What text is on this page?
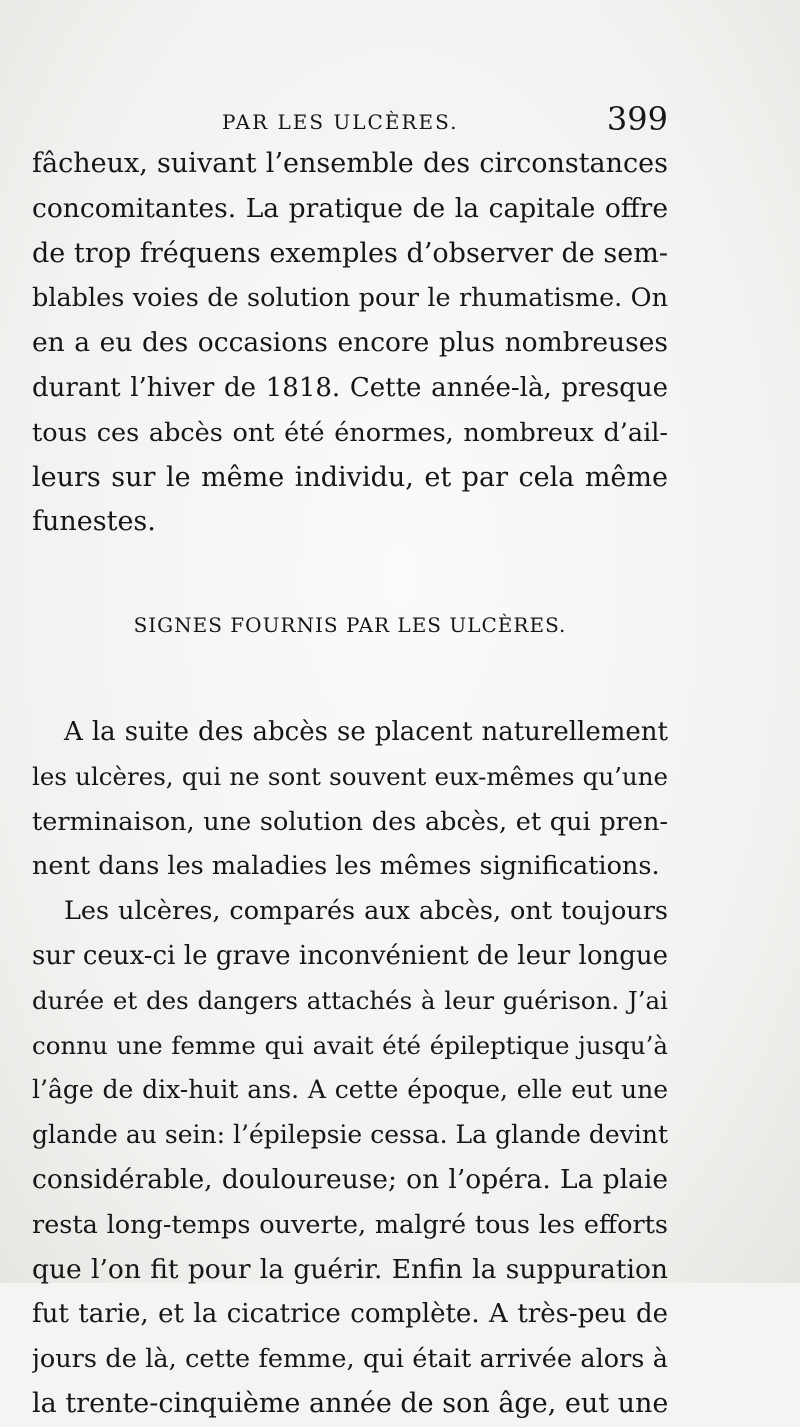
PAR LES ULCÈRES.	399
fâcheux, suivant l’ensemble des circonstances
concomitantes. La pratique de la capitale offre
de trop fréquens exemples d’observer de sem-
blables voies de solution pour le rhumatisme. On
en a eu des occasions encore plus nombreuses
durant l’hiver de 1818. Cette année-là, presque
tous ces abcès ont été énormes, nombreux d’ail-
leurs sur le même individu, et par cela même
funestes.
SIGNES FOURNIS PAR LES ULCÈRES.
A la suite des abcès se placent naturellement
les ulcères, qui ne sont souvent eux-mêmes qu’une
terminaison, une solution des abcès, et qui pren-
nent dans les maladies les mêmes significations.
Les ulcères, comparés aux abcès, ont toujours
sur ceux-ci le grave inconvénient de leur longue
durée et des dangers attachés à leur guérison. J’ai
connu une femme qui avait été épileptique jusqu’à
l’âge de dix-huit ans. A cette époque, elle eut une
glande au sein: l’épilepsie cessa. La glande devint
considérable, douloureuse; on l’opéra. La plaie
resta long-temps ouverte, malgré tous les efforts
que l’on fit pour la guérir. Enfin la suppuration
fut tarie, et la cicatrice complète. A très-peu de
jours de là, cette femme, qui était arrivée alors à
la trente-cinquième année de son âge, eut une
